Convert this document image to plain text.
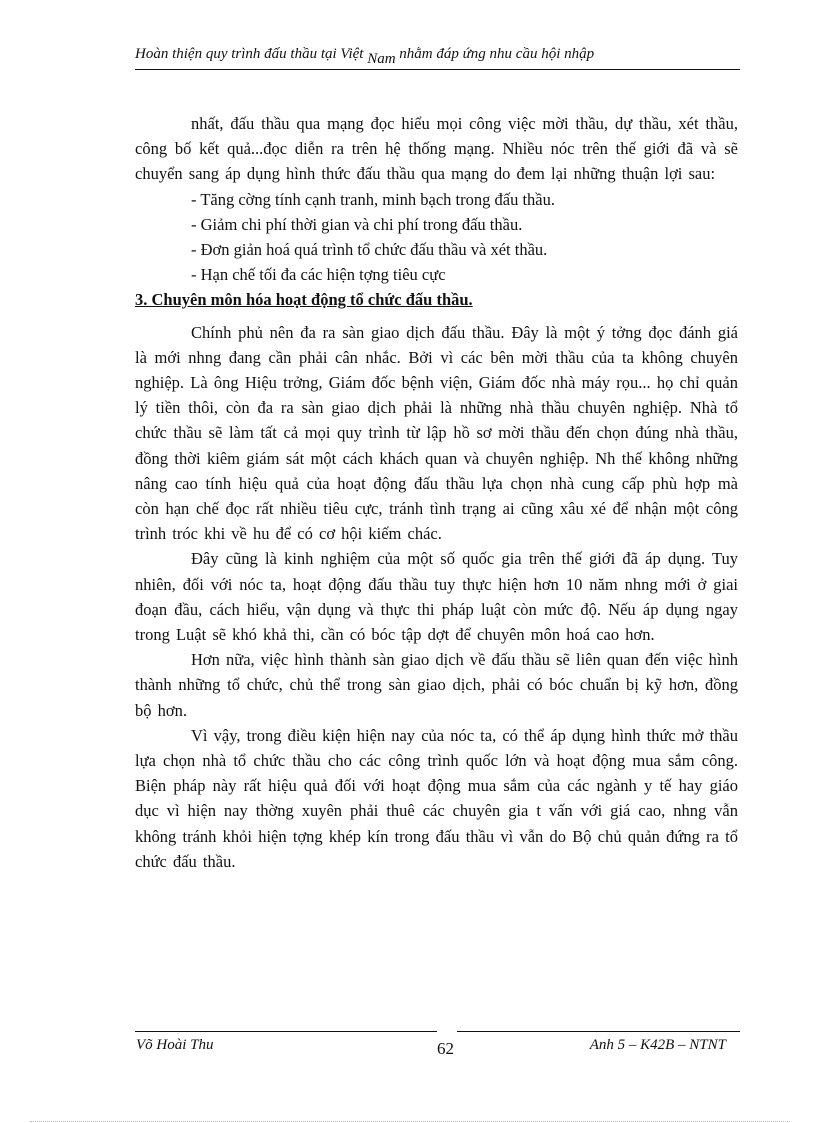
Hoàn thiện quy trình đấu thầu tại Việt Nam nhằm đáp ứng nhu cầu hội nhập

nhất, đấu thầu qua mạng đọc hiểu mọi công việc mời thầu, dự thầu, xét thầu, công bố kết quả...đọc diễn ra trên hệ thống mạng. Nhiều nóc trên thế giới đã và sẽ chuyển sang áp dụng hình thức đấu thầu qua mạng do đem lại những thuận lợi sau:

- Tăng cờng tính cạnh tranh, minh bạch trong đấu thầu.

- Giảm chi phí thời gian và chi phí trong đấu thầu.

- Đơn giản hoá quá trình tổ chức đấu thầu và xét thầu.

- Hạn chế tối đa các hiện tợng tiêu cực

3. Chuyên môn hóa hoạt động tổ chức đấu thầu.

Chính phủ nên đa ra sàn giao dịch đấu thầu. Đây là một ý tởng đọc đánh giá là mới nhng đang cần phải cân nhắc. Bởi vì các bên mời thầu của ta không chuyên nghiệp. Là ông Hiệu trởng, Giám đốc bệnh viện, Giám đốc nhà máy rọu... họ chỉ quản lý tiền thôi, còn đa ra sàn giao dịch phải là những nhà thầu chuyên nghiệp. Nhà tổ chức thầu sẽ làm tất cả mọi quy trình từ lập hồ sơ mời thầu đến chọn đúng nhà thầu, đồng thời kiêm giám sát một cách khách quan và chuyên nghiệp. Nh thế không những nâng cao tính hiệu quả của hoạt động đấu thầu lựa chọn nhà cung cấp phù hợp mà còn hạn chế đọc rất nhiều tiêu cực, tránh tình trạng ai cũng xâu xé để nhận một công trình tróc khi về hu để có cơ hội kiếm chác.

Đây cũng là kinh nghiệm của một số quốc gia trên thế giới đã áp dụng. Tuy nhiên, đối với nóc ta, hoạt động đấu thầu tuy thực hiện hơn 10 năm nhng mới ở giai đoạn đầu, cách hiểu, vận dụng và thực thi pháp luật còn mức độ. Nếu áp dụng ngay trong Luật sẽ khó khả thi, cần có bóc tập dợt để chuyên môn hoá cao hơn.

Hơn nữa, việc hình thành sàn giao dịch về đấu thầu sẽ liên quan đến việc hình thành những tổ chức, chủ thể trong sàn giao dịch, phải có bóc chuẩn bị kỹ hơn, đồng bộ hơn.

Vì vậy, trong điều kiện hiện nay của nóc ta, có thể áp dụng hình thức mở thầu lựa chọn nhà tổ chức thầu cho các công trình quốc lớn và hoạt động mua sắm công. Biện pháp này rất hiệu quả đối với hoạt động mua sắm của các ngành y tế hay giáo dục vì hiện nay thờng xuyên phải thuê các chuyên gia t vấn với giá cao, nhng vẫn không tránh khỏi hiện tợng khép kín trong đấu thầu vì vẫn do Bộ chủ quản đứng ra tổ chức đấu thầu.

Võ Hoài Thu	62	Anh 5 – K42B – NTNT
